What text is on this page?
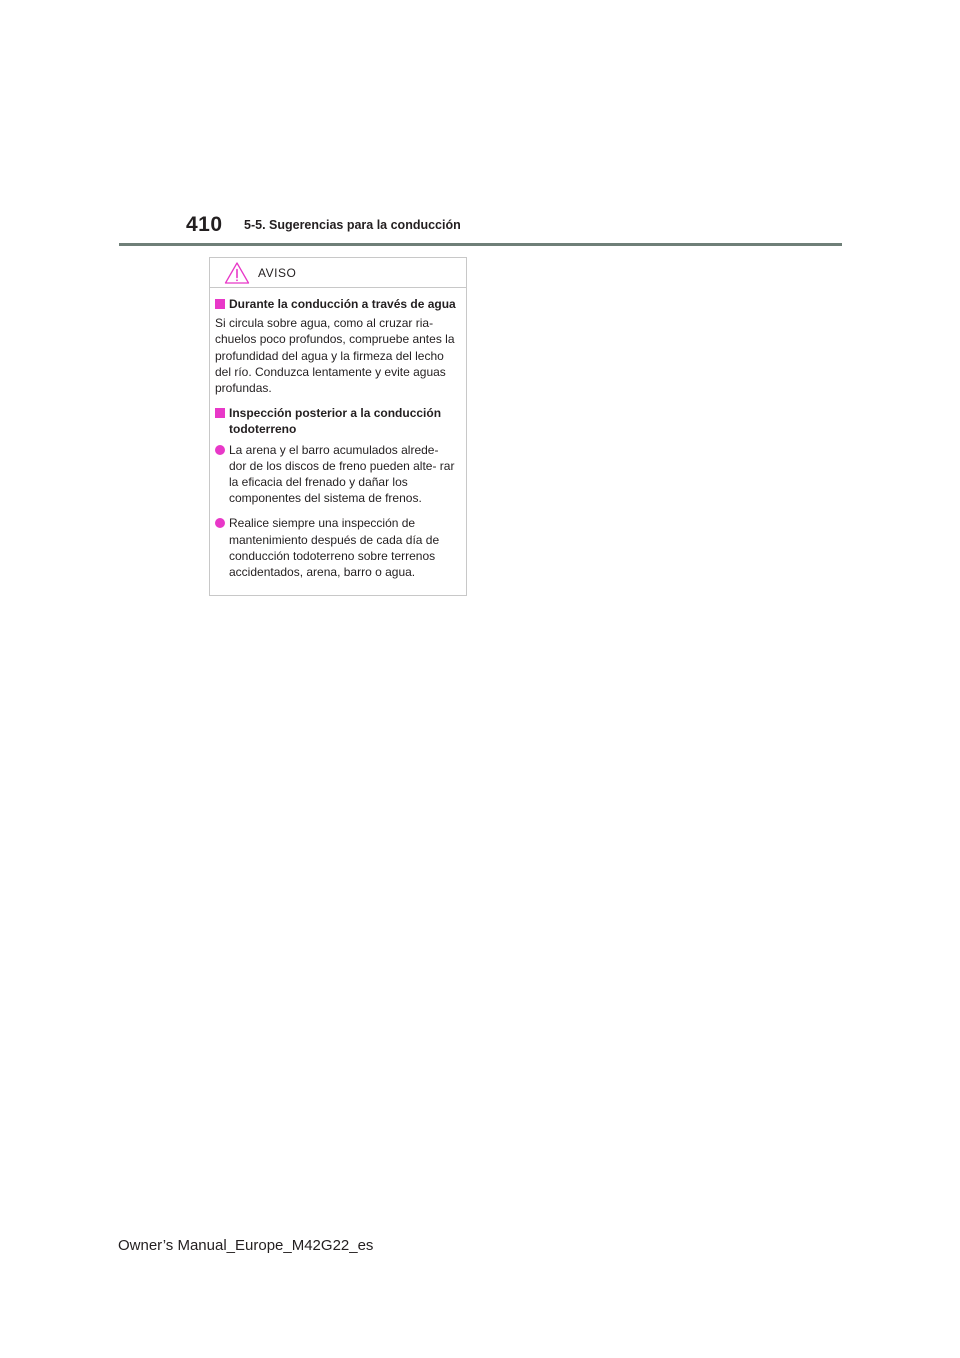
410 5-5. Sugerencias para la conducción
AVISO
Durante la conducción a través de agua
Si circula sobre agua, como al cruzar ria- chuelos poco profundos, compruebe antes la profundidad del agua y la firmeza del lecho del río. Conduzca lentamente y evite aguas profundas.
Inspección posterior a la conducción todoterreno
La arena y el barro acumulados alrede- dor de los discos de freno pueden alte- rar la eficacia del frenado y dañar los componentes del sistema de frenos.
Realice siempre una inspección de mantenimiento después de cada día de conducción todoterreno sobre terrenos accidentados, arena, barro o agua.
Owner’s Manual_Europe_M42G22_es
